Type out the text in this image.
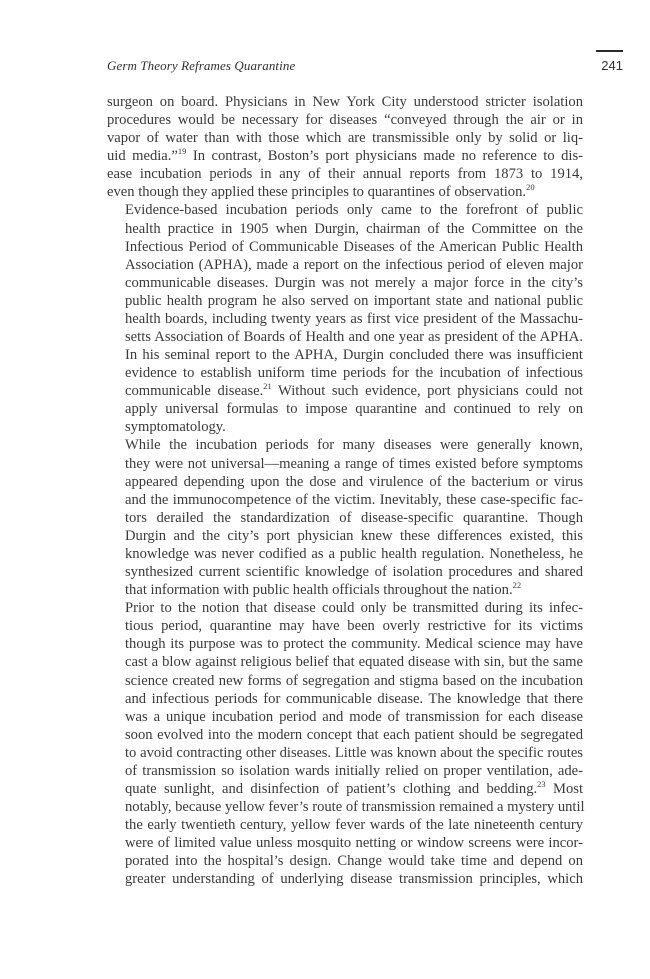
Germ Theory Reframes Quarantine	241

surgeon on board. Physicians in New York City understood stricter isolation
procedures would be necessary for diseases “conveyed through the air or in
vapor of water than with those which are transmissible only by solid or liq-
uid media.”$^{19}$ In contrast, Boston’s port physicians made no reference to dis-
ease incubation periods in any of their annual reports from 1873 to 1914,
even though they applied these principles to quarantines of observation.$^{20}$

Evidence-based incubation periods only came to the forefront of public
health practice in 1905 when Durgin, chairman of the Committee on the
Infectious Period of Communicable Diseases of the American Public Health
Association (APHA), made a report on the infectious period of eleven major
communicable diseases. Durgin was not merely a major force in the city’s
public health program he also served on important state and national public
health boards, including twenty years as first vice president of the Massachu-
setts Association of Boards of Health and one year as president of the APHA.
In his seminal report to the APHA, Durgin concluded there was insufficient
evidence to establish uniform time periods for the incubation of infectious
communicable disease.$^{21}$ Without such evidence, port physicians could not
apply universal formulas to impose quarantine and continued to rely on
symptomatology.

While the incubation periods for many diseases were generally known,
they were not universal—meaning a range of times existed before symptoms
appeared depending upon the dose and virulence of the bacterium or virus
and the immunocompetence of the victim. Inevitably, these case-specific fac-
tors derailed the standardization of disease-specific quarantine. Though
Durgin and the city’s port physician knew these differences existed, this
knowledge was never codified as a public health regulation. Nonetheless, he
synthesized current scientific knowledge of isolation procedures and shared
that information with public health officials throughout the nation.$^{22}$

Prior to the notion that disease could only be transmitted during its infec-
tious period, quarantine may have been overly restrictive for its victims
though its purpose was to protect the community. Medical science may have
cast a blow against religious belief that equated disease with sin, but the same
science created new forms of segregation and stigma based on the incubation
and infectious periods for communicable disease. The knowledge that there
was a unique incubation period and mode of transmission for each disease
soon evolved into the modern concept that each patient should be segregated
to avoid contracting other diseases. Little was known about the specific routes
of transmission so isolation wards initially relied on proper ventilation, ade-
quate sunlight, and disinfection of patient’s clothing and bedding.$^{23}$ Most
notably, because yellow fever’s route of transmission remained a mystery until
the early twentieth century, yellow fever wards of the late nineteenth century
were of limited value unless mosquito netting or window screens were incor-
porated into the hospital’s design. Change would take time and depend on
greater understanding of underlying disease transmission principles, which
